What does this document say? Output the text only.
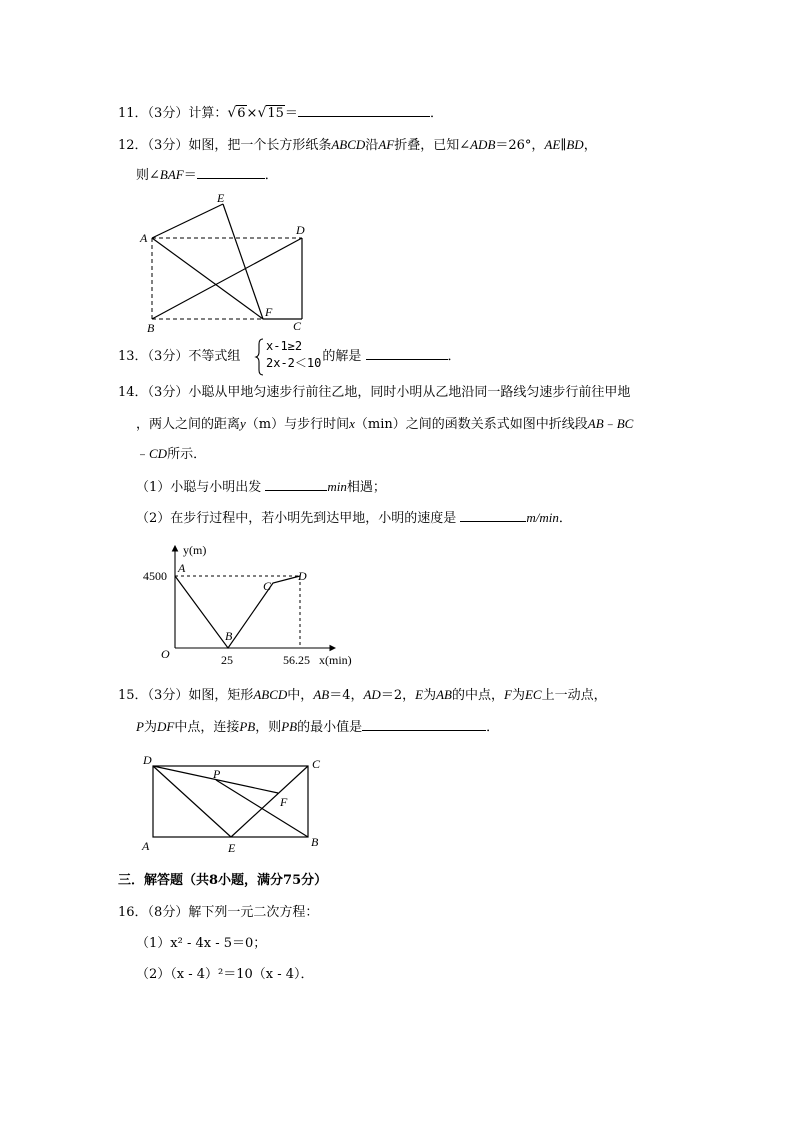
11．（3分）计算：√6×√15＝	．
12．（3分）如图，把一个长方形纸条ABCD沿AF折叠，已知∠ADB＝26°，AE∥BD，
则∠BAF＝	．
A
E
D
F
B	C
13．（3分）不等式组	的解是	．
x-1≥2
2x-2＜10
14．（3分）小聪从甲地匀速步行前往乙地，同时小明从乙地沿同一路线匀速步行前往甲地
，两人之间的距离y（m）与步行时间x（min）之间的函数关系式如图中折线段AB﹣BC
﹣CD所示．
（1）小聪与小明出发	min相遇；
（2）在步行过程中，若小明先到达甲地，小明的速度是	m/min．
y(m)
x(min)
4500
25	56.25
O
A
B
C
D
15．（3分）如图，矩形ABCD中，AB＝4，AD＝2，E为AB的中点，F为EC上一动点，
P为DF中点，连接PB，则PB的最小值是	．
D	C
P
F
A	E	B
三．解答题（共8小题，满分75分）
16．（8分）解下列一元二次方程：
（1）x² - 4x - 5＝0；
（2）（x - 4）²＝10（x - 4）．
